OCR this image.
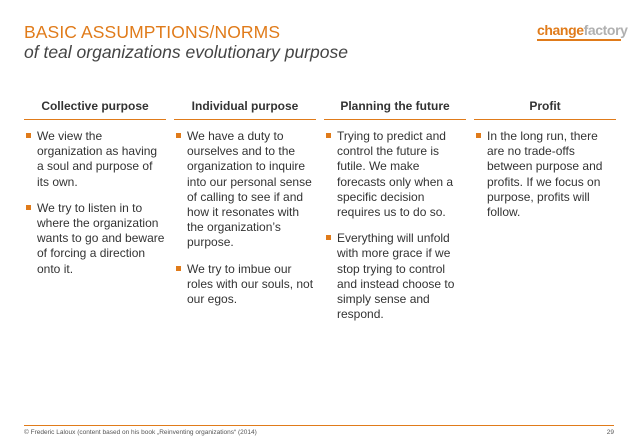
BASIC ASSUMPTIONS/NORMS
of teal organizations evolutionary purpose
changefactory
Collective purpose
We view the organization as having a soul and purpose of its own.
We try to listen in to where the organization wants to go and beware of forcing a direction onto it.
Individual purpose
We have a duty to ourselves and to the organization to inquire into our personal sense of calling to see if and how it resonates with the organization’s purpose.
We try to imbue our roles with our souls, not our egos.
Planning the future
Trying to predict and control the future is futile. We make forecasts only when a specific decision requires us to do so.
Everything will unfold with more grace if we stop trying to control and instead choose to simply sense and respond.
Profit
In the long run, there are no trade-offs between purpose and profits. If we focus on purpose, profits will follow.
© Frederic Laloux (content based on his book „Reinventing organizations“ (2014)	29
